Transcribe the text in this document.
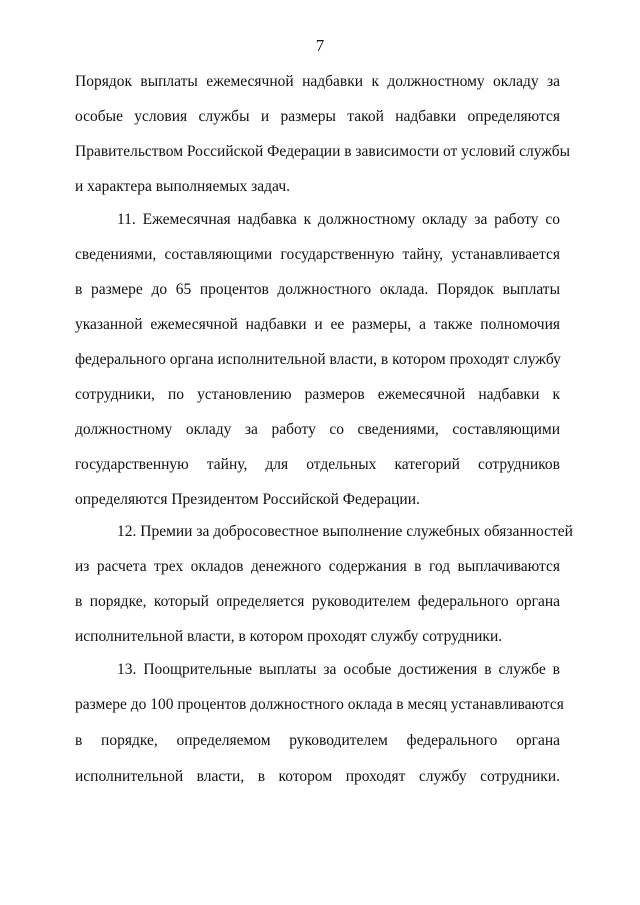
7
Порядок выплаты ежемесячной надбавки к должностному окладу за
особые условия службы и размеры такой надбавки определяются
Правительством Российской Федерации в зависимости от условий службы
и характера выполняемых задач.
11. Ежемесячная надбавка к должностному окладу за работу со
сведениями, составляющими государственную тайну, устанавливается
в размере до 65 процентов должностного оклада. Порядок выплаты
указанной ежемесячной надбавки и ее размеры, а также полномочия
федерального органа исполнительной власти, в котором проходят службу
сотрудники, по установлению размеров ежемесячной надбавки к
должностному окладу за работу со сведениями, составляющими
государственную тайну, для отдельных категорий сотрудников
определяются Президентом Российской Федерации.
12. Премии за добросовестное выполнение служебных обязанностей
из расчета трех окладов денежного содержания в год выплачиваются
в порядке, который определяется руководителем федерального органа
исполнительной власти, в котором проходят службу сотрудники.
13. Поощрительные выплаты за особые достижения в службе в
размере до 100 процентов должностного оклада в месяц устанавливаются
в порядке, определяемом руководителем федерального органа
исполнительной власти, в котором проходят службу сотрудники.
